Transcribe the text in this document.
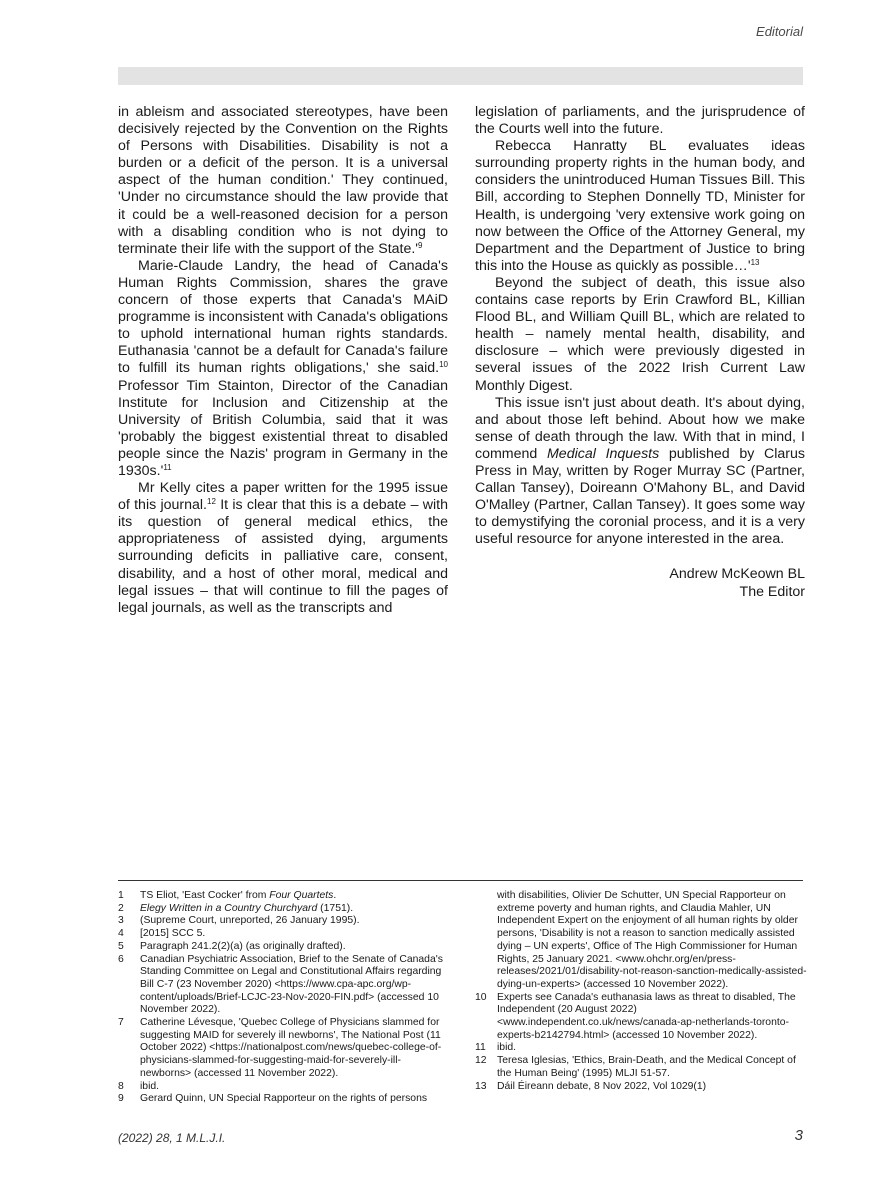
Editorial

in ableism and associated stereotypes, have been decisively rejected by the Convention on the Rights of Persons with Disabilities. Disability is not a burden or a deficit of the person. It is a universal aspect of the human condition.' They continued, 'Under no circumstance should the law provide that it could be a well-reasoned decision for a person with a disabling condition who is not dying to terminate their life with the support of the $State.'^9$

Marie-Claude Landry, the head of Canada's Human Rights Commission, shares the grave concern of those experts that Canada's MAiD programme is inconsistent with Canada's obligations to uphold international human rights standards. Euthanasia 'cannot be a default for Canada's failure to fulfill its human rights obligations,' she said.$^{10}$ Professor Tim Stainton, Director of the Canadian Institute for Inclusion and Citizenship at the University of British Columbia, said that it was 'probably the biggest existential threat to disabled people since the Nazis' program in Germany in the $1930s.'^{11}$

Mr Kelly cites a paper written for the 1995 issue of this journal.$^{12}$ It is clear that this is a debate – with its question of general medical ethics, the appropriateness of assisted dying, arguments surrounding deficits in palliative care, consent, disability, and a host of other moral, medical and legal issues – that will continue to fill the pages of legal journals, as well as the transcripts and

legislation of parliaments, and the jurisprudence of the Courts well into the future.

Rebecca Hanratty BL evaluates ideas surrounding property rights in the human body, and considers the unintroduced Human Tissues Bill. This Bill, according to Stephen Donnelly TD, Minister for Health, is undergoing 'very extensive work going on now between the Office of the Attorney General, my Department and the Department of Justice to bring this into the House as quickly as $possible\dots'^{13}$

Beyond the subject of death, this issue also contains case reports by Erin Crawford BL, Killian Flood BL, and William Quill BL, which are related to health – namely mental health, disability, and disclosure – which were previously digested in several issues of the 2022 Irish Current Law Monthly Digest.

This issue isn't just about death. It's about dying, and about those left behind. About how we make sense of death through the law. With that in mind, I commend Medical Inquests published by Clarus Press in May, written by Roger Murray SC (Partner, Callan Tansey), Doireann O'Mahony BL, and David O'Malley (Partner, Callan Tansey). It goes some way to demystifying the coronial process, and it is a very useful resource for anyone interested in the area.

Andrew McKeown BL
The Editor
1	TS Eliot, 'East Cocker' from Four Quartets.
2	Elegy Written in a Country Churchyard (1751).
3	(Supreme Court, unreported, 26 January 1995).
4	[2015] SCC 5.
5	Paragraph 241.2(2)(a) (as originally drafted).
6	Canadian Psychiatric Association, Brief to the Senate of Canada's Standing Committee on Legal and Constitutional Affairs regarding Bill C-7 (23 November 2020) <https://www.cpa-apc.org/wp-content/uploads/Brief-LCJC-23-Nov-2020-FIN.pdf> (accessed 10 November 2022).
7	Catherine Lévesque, 'Quebec College of Physicians slammed for suggesting MAID for severely ill newborns', The National Post (11 October 2022) <https://nationalpost.com/news/quebec-college-of-physicians-slammed-for-suggesting-maid-for-severely-ill-newborns> (accessed 11 November 2022).
8	ibid.
9	Gerard Quinn, UN Special Rapporteur on the rights of persons
with disabilities, Olivier De Schutter, UN Special Rapporteur on extreme poverty and human rights, and Claudia Mahler, UN Independent Expert on the enjoyment of all human rights by older persons, 'Disability is not a reason to sanction medically assisted dying – UN experts', Office of The High Commissioner for Human Rights, 25 January 2021. <www.ohchr.org/en/press-releases/2021/01/disability-not-reason-sanction-medically-assisted-dying-un-experts> (accessed 10 November 2022).
10	Experts see Canada's euthanasia laws as threat to disabled, The Independent (20 August 2022) <www.independent.co.uk/news/canada-ap-netherlands-toronto-experts-b2142794.html> (accessed 10 November 2022).
11	ibid.
12	Teresa Iglesias, 'Ethics, Brain-Death, and the Medical Concept of the Human Being' (1995) MLJI 51-57.
13	Dáil Éireann debate, 8 Nov 2022, Vol 1029(1)
(2022) 28, 1 M.L.J.I.	3
